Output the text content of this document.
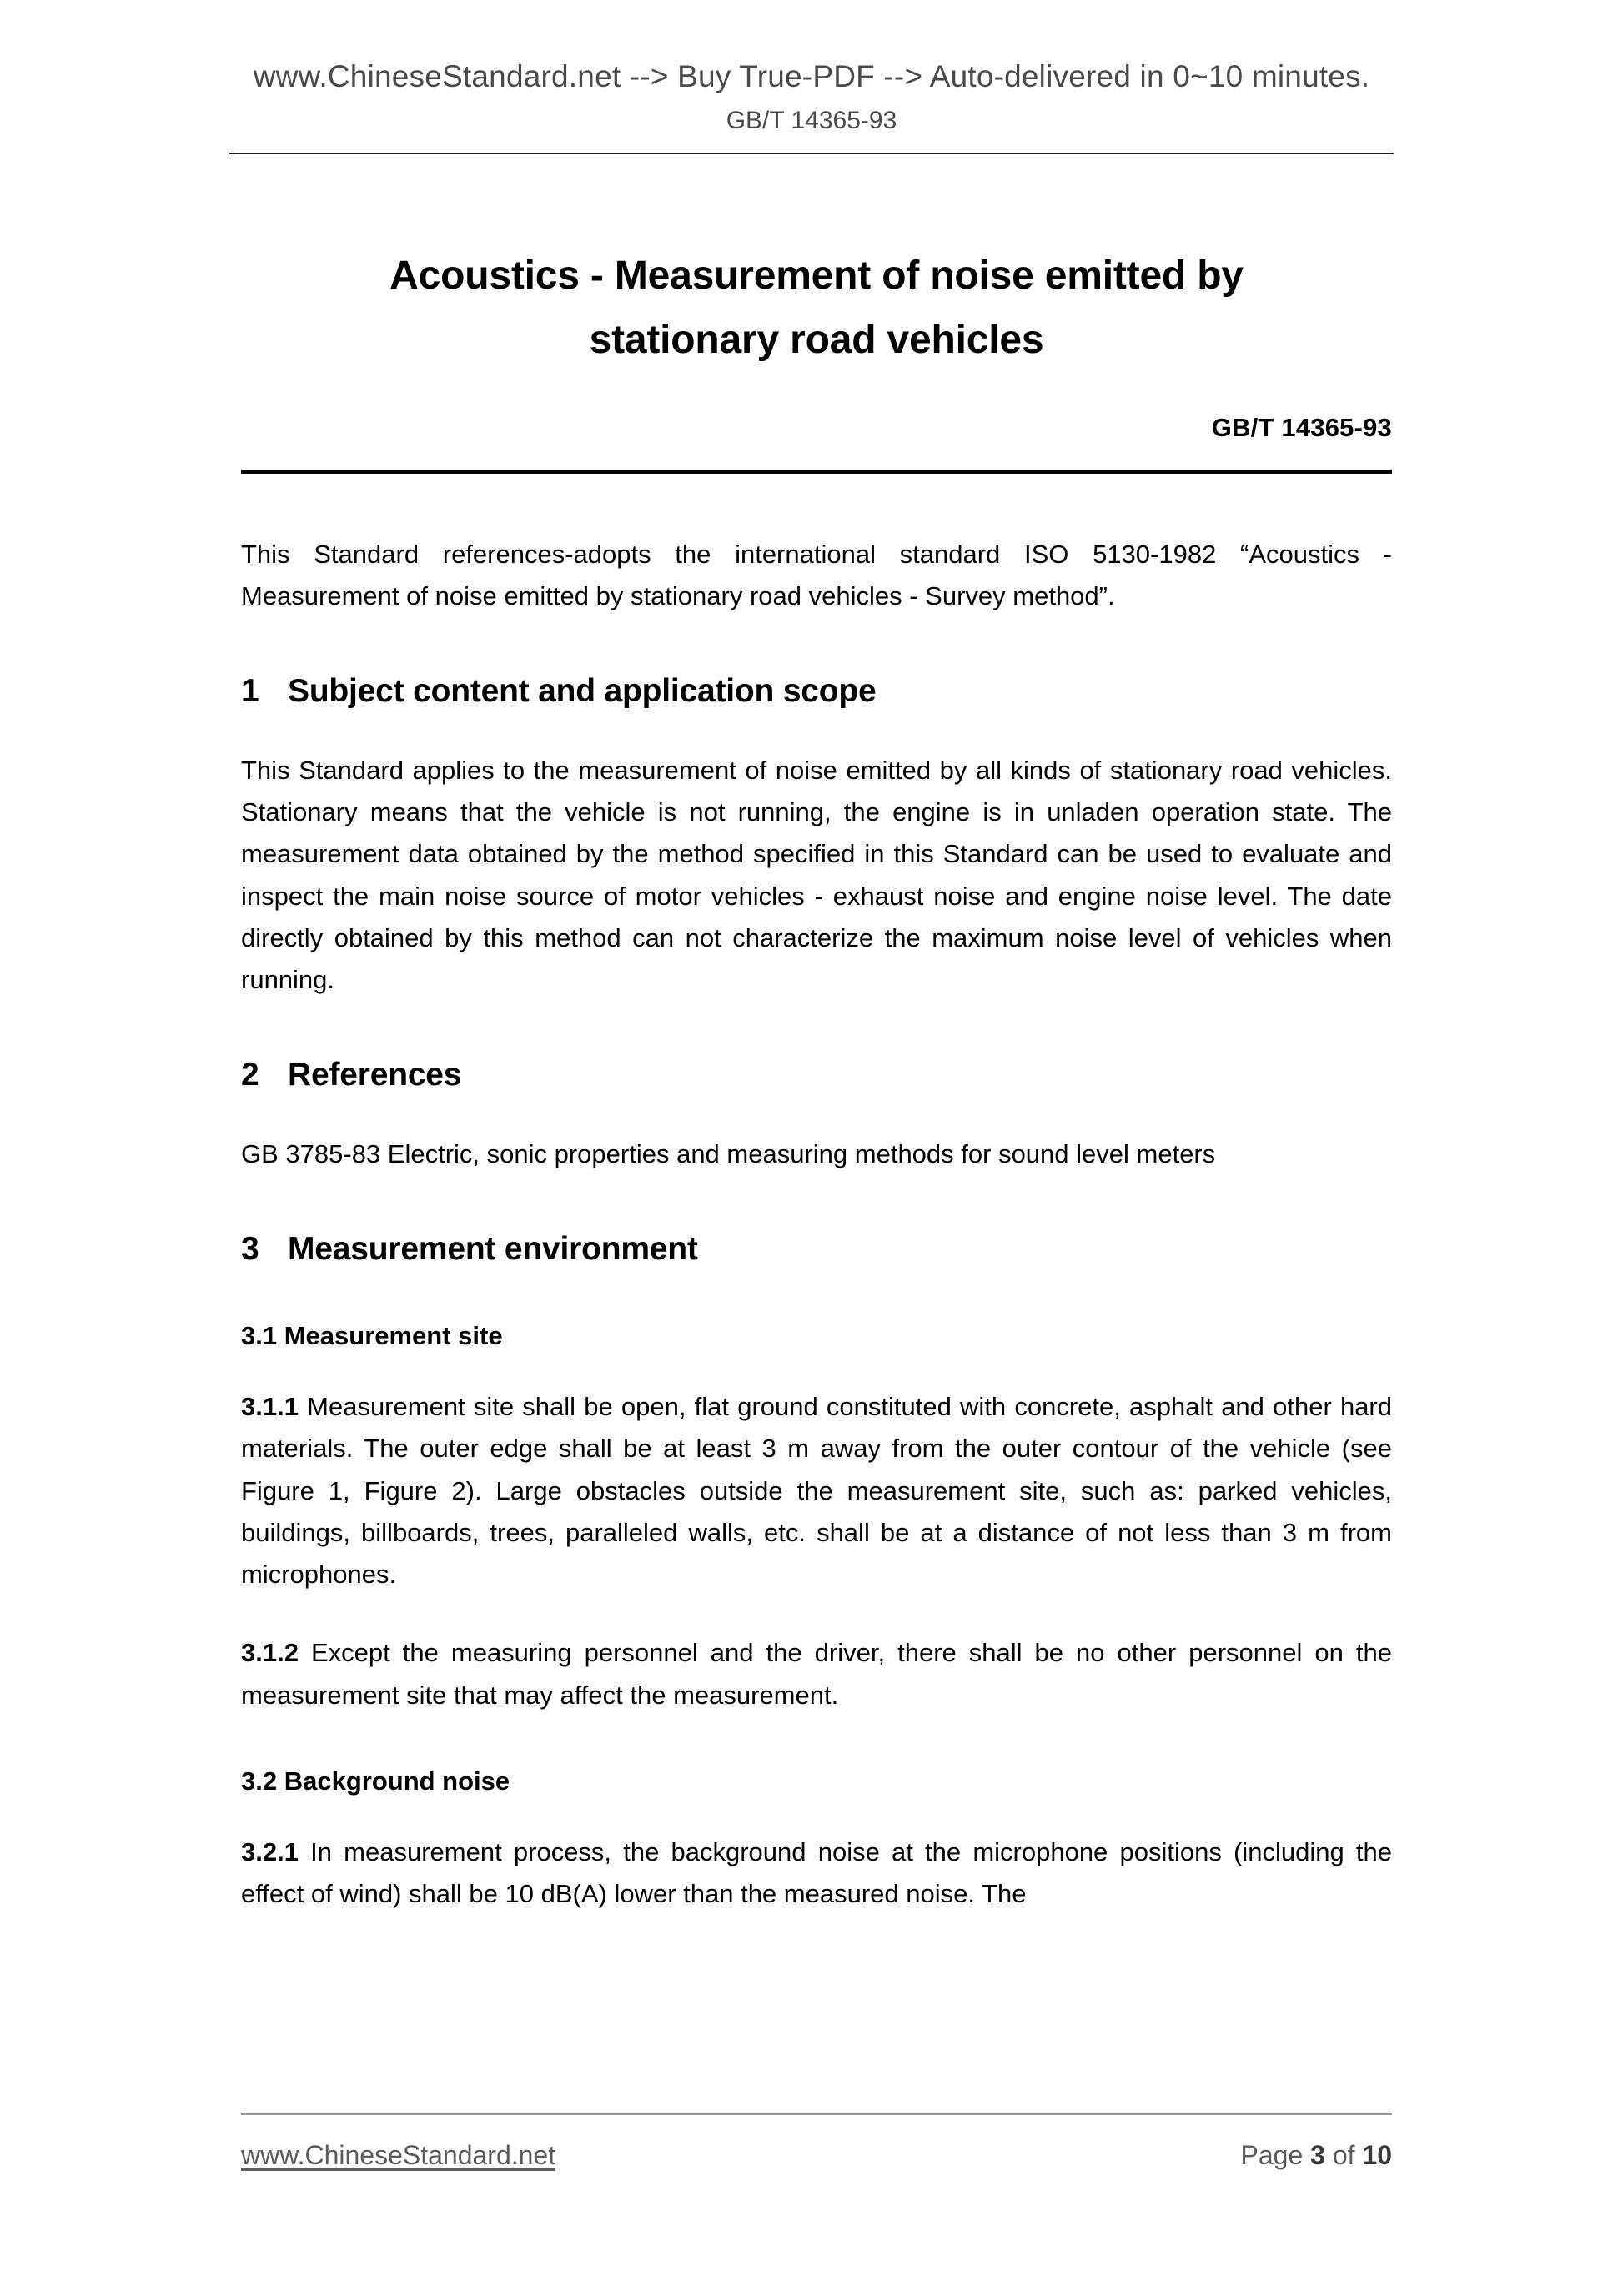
www.ChineseStandard.net --> Buy True-PDF --> Auto-delivered in 0~10 minutes.
GB/T 14365-93
Acoustics - Measurement of noise emitted by
stationary road vehicles
GB/T 14365-93

This Standard references-adopts the international standard ISO 5130-1982 “Acoustics - Measurement of noise emitted by stationary road vehicles - Survey method”.

1 Subject content and application scope

This Standard applies to the measurement of noise emitted by all kinds of stationary road vehicles. Stationary means that the vehicle is not running, the engine is in unladen operation state. The measurement data obtained by the method specified in this Standard can be used to evaluate and inspect the main noise source of motor vehicles - exhaust noise and engine noise level. The date directly obtained by this method can not characterize the maximum noise level of vehicles when running.

2 References

GB 3785-83 Electric, sonic properties and measuring methods for sound level meters

3 Measurement environment
3.1 Measurement site

3.1.1 Measurement site shall be open, flat ground constituted with concrete, asphalt and other hard materials. The outer edge shall be at least 3 m away from the outer contour of the vehicle (see Figure 1, Figure 2). Large obstacles outside the measurement site, such as: parked vehicles, buildings, billboards, trees, paralleled walls, etc. shall be at a distance of not less than 3 m from microphones.

3.1.2 Except the measuring personnel and the driver, there shall be no other personnel on the measurement site that may affect the measurement.

3.2 Background noise

3.2.1 In measurement process, the background noise at the microphone positions (including the effect of wind) shall be 10 dB(A) lower than the measured noise. The

www.ChineseStandard.net	Page 3 of 10
